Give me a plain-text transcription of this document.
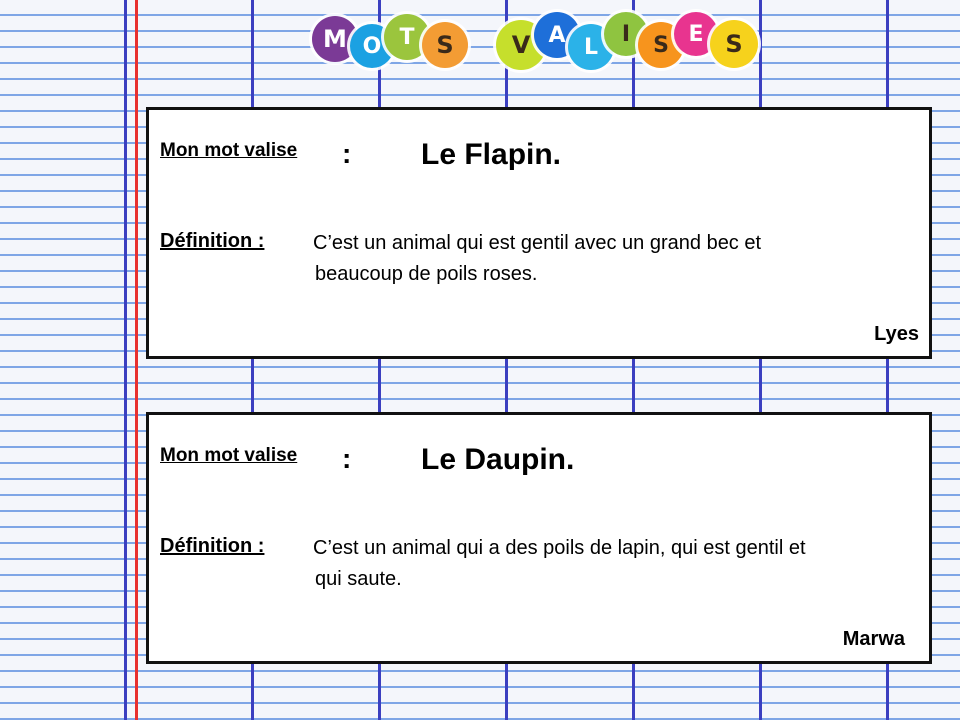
M O T S	V A L
I	S E S
Mon mot valise : Le Flapin.
Définition : C’est un animal qui est gentil avec un grand bec et
beaucoup de poils roses.
Lyes
Mon mot valise : Le Daupin.
Définition : C’est un animal qui a des poils de lapin, qui est gentil et
qui saute.
Marwa
